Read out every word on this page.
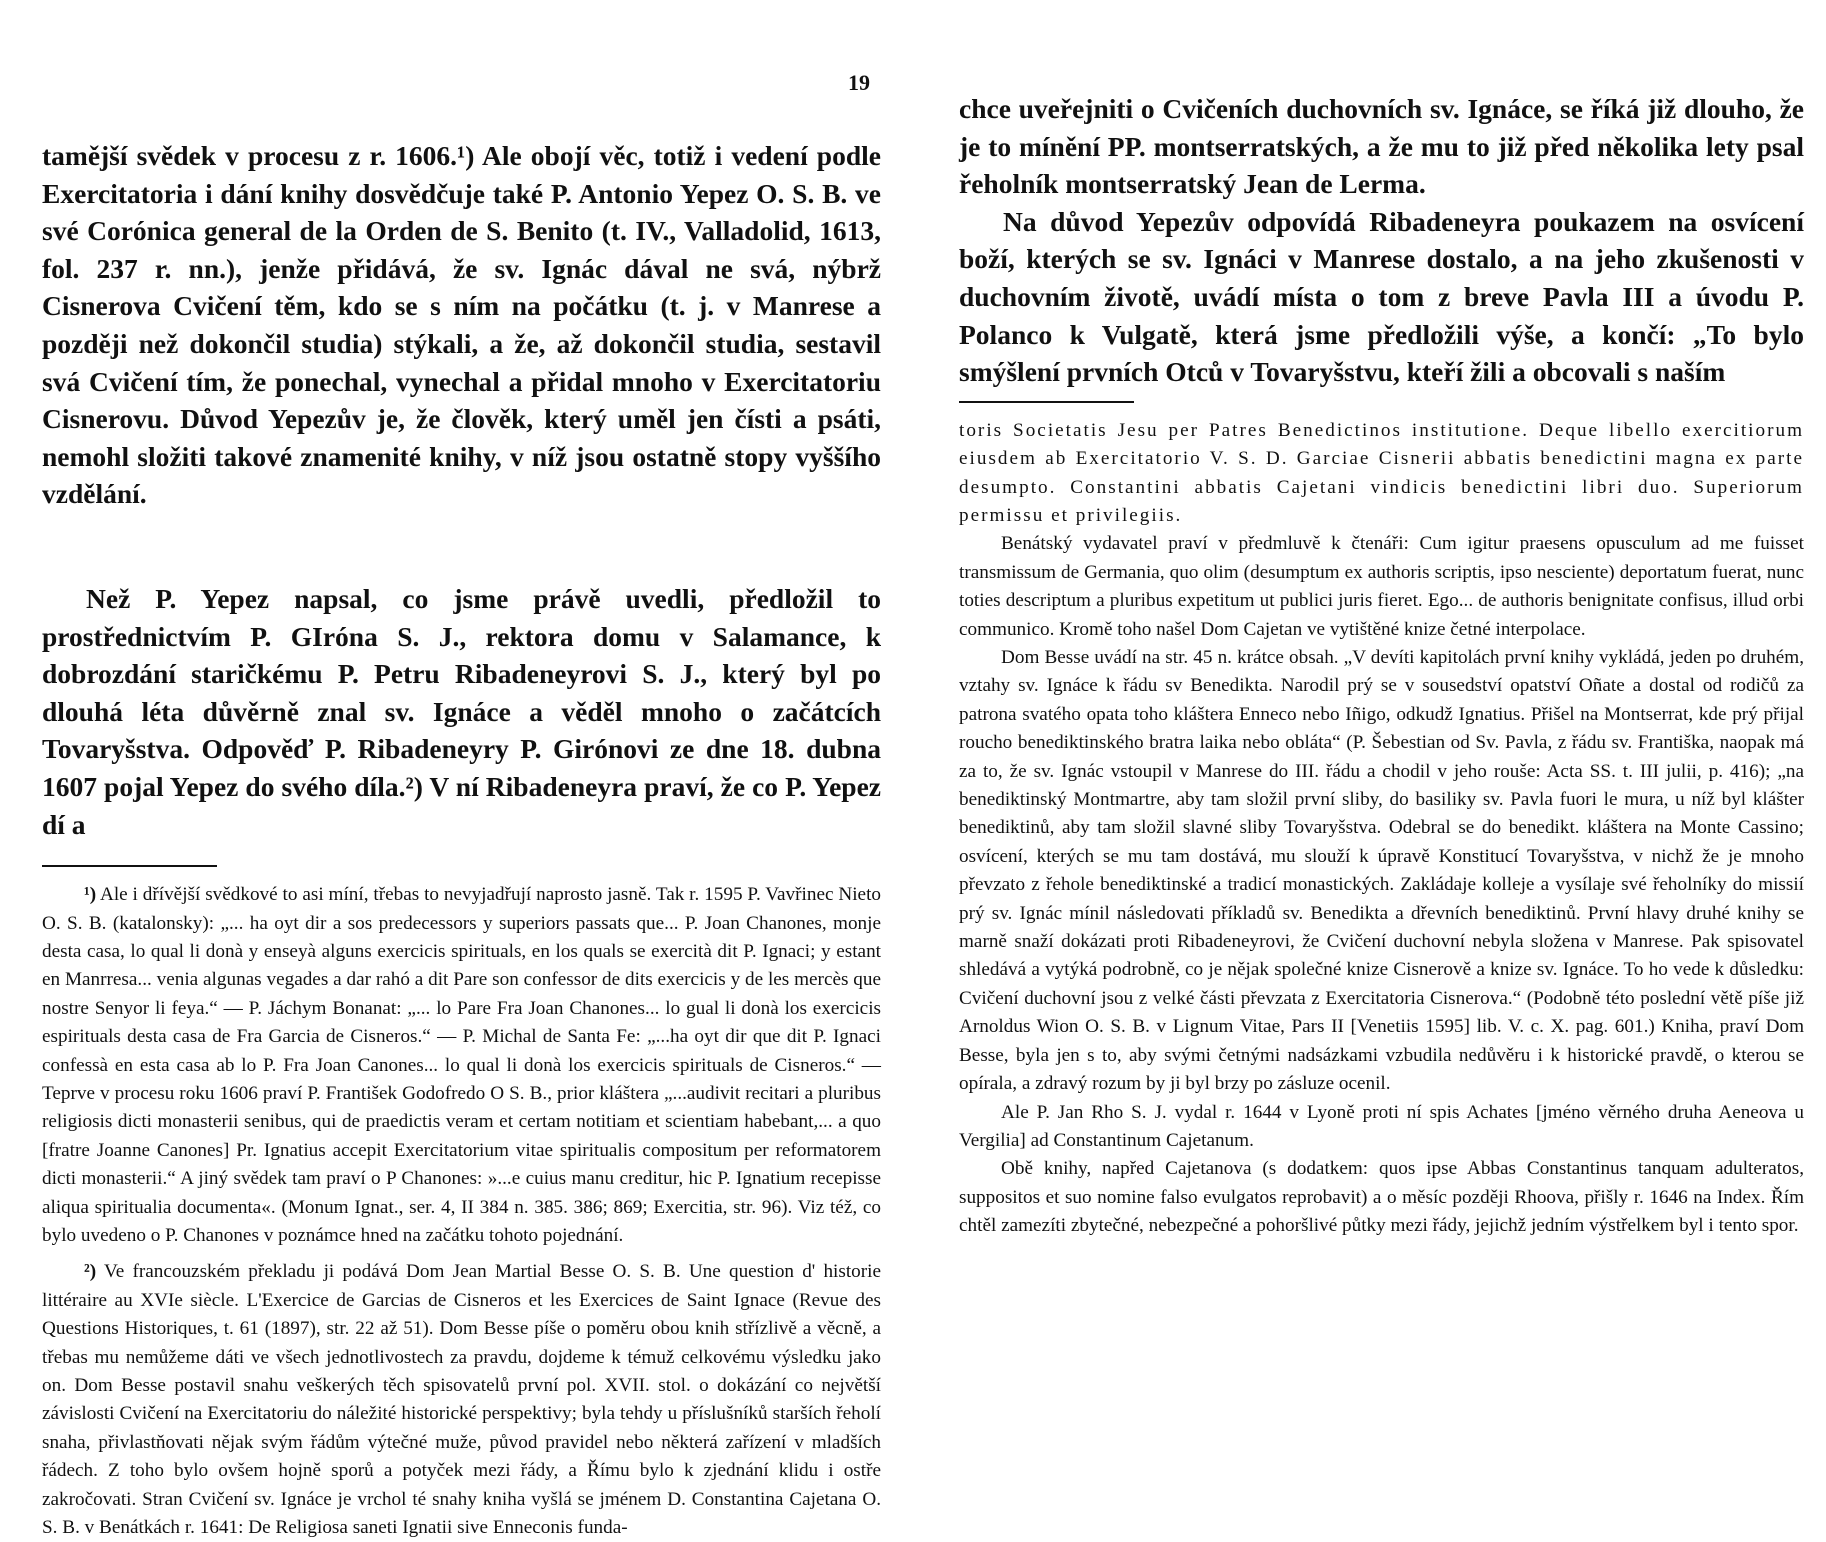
19

tamější svědek v procesu z r. 1606.¹) Ale obojí věc, totiž i vedení podle Exercitatoria i dání knihy dosvědčuje také P. Antonio Yepez O. S. B. ve své Corónica general de la Orden de S. Benito (t. IV., Valladolid, 1613, fol. 237 r. nn.), jenže přidává, že sv. Ignác dával ne svá, nýbrž Cisnerova Cvičení těm, kdo se s ním na počátku (t. j. v Manrese a později než dokončil studia) stýkali, a že, až dokončil studia, sestavil svá Cvičení tím, že ponechal, vynechal a přidal mnoho v Exercitatoriu Cisnerovu. Důvod Yepezův je, že člověk, který uměl jen čísti a psáti, nemohl složiti takové znamenité knihy, v níž jsou ostatně stopy vyššího vzdělání.

Než P. Yepez napsal, co jsme právě uvedli, předložil to prostřednictvím P. GIróna S. J., rektora domu v Salamance, k dobrozdání staričkému P. Petru Ribadeneyrovi S. J., který byl po dlouhá léta důvěrně znal sv. Ignáce a věděl mnoho o začátcích Tovaryšstva. Odpověď P. Ribadeneyry P. Girónovi ze dne 18. dubna 1607 pojal Yepez do svého díla.²) V ní Ribadeneyra praví, že co P. Yepez dí a

¹) Ale i dřívější svědkové to asi míní, třebas to nevyjadřují naprosto jasně. Tak r. 1595 P. Vavřinec Nieto O. S. B. (katalonsky): „... ha oyt dir a sos predecessors y superiors passats que... P. Joan Chanones, monje desta casa, lo qual li donà y enseyà alguns exercicis spirituals, en los quals se exercità dit P. Ignaci; y estant en Manrresa... venia algunas vegades a dar rahó a dit Pare son confessor de dits exercicis y de les mercès que nostre Senyor li feya.“ — P. Jáchym Bonanat: „... lo Pare Fra Joan Chanones... lo gual li donà los exercicis espirituals desta casa de Fra Garcia de Cisneros.“ — P. Michal de Santa Fe: „...ha oyt dir que dit P. Ignaci confessà en esta casa ab lo P. Fra Joan Canones... lo qual li donà los exercicis spirituals de Cisneros.“ — Teprve v procesu roku 1606 praví P. František Godofredo O S. B., prior kláštera „...audivit recitari a pluribus religiosis dicti monasterii senibus, qui de praedictis veram et certam notitiam et scientiam habebant,... a quo [fratre Joanne Canones] Pr. Ignatius accepit Exercitatorium vitae spiritualis compositum per reformatorem dicti monasterii.“ A jiný svědek tam praví o P Chanones: »...e cuius manu creditur, hic P. Ignatium recepisse aliqua spiritualia documenta«. (Monum Ignat., ser. 4, II 384 n. 385. 386; 869; Exercitia, str. 96). Viz též, co bylo uvedeno o P. Chanones v poznámce hned na začátku tohoto pojednání.

²) Ve francouzském překladu ji podává Dom Jean Martial Besse O. S. B. Une question d' historie littéraire au XVIe siècle. L'Exercice de Garcias de Cisneros et les Exercices de Saint Ignace (Revue des Questions Historiques, t. 61 (1897), str. 22 až 51). Dom Besse píše o poměru obou knih střízlivě a věcně, a třebas mu nemůžeme dáti ve všech jednotlivostech za pravdu, dojdeme k témuž celkovému výsledku jako on. Dom Besse postavil snahu veškerých těch spisovatelů první pol. XVII. stol. o dokázání co největší závislosti Cvičení na Exercitatoriu do náležité historické perspektivy; byla tehdy u příslušníků starších řeholí snaha, přivlastňovati nějak svým řádům výtečné muže, původ pravidel nebo některá zařízení v mladších řádech. Z toho bylo ovšem hojně sporů a potyček mezi řády, a Římu bylo k zjednání klidu i ostře zakročovati. Stran Cvičení sv. Ignáce je vrchol té snahy kniha vyšlá se jménem D. Constantina Cajetana O. S. B. v Benátkách r. 1641: De Religiosa saneti Ignatii sive Enneconis funda-

chce uveřejniti o Cvičeních duchovních sv. Ignáce, se říká již dlouho, že je to mínění PP. montserratských, a že mu to již před několika lety psal řeholník montserratský Jean de Lerma.

Na důvod Yepezův odpovídá Ribadeneyra poukazem na osvícení boží, kterých se sv. Ignáci v Manrese dostalo, a na jeho zkušenosti v duchovním životě, uvádí místa o tom z breve Pavla III a úvodu P. Polanco k Vulgatě, která jsme předložili výše, a končí: „To bylo smýšlení prvních Otců v Tovaryšstvu, kteří žili a obcovali s naším

toris Societatis Jesu per Patres Benedictinos institutione. Deque libello exercitiorum eiusdem ab Exercitatorio V. S. D. Garciae Cisnerii abbatis benedictini magna ex parte desumpto. Constantini abbatis Cajetani vindicis benedictini libri duo. Superiorum permissu et privilegiis.

Benátský vydavatel praví v předmluvě k čtenáři: Cum igitur praesens opusculum ad me fuisset transmissum de Germania, quo olim (desumptum ex authoris scriptis, ipso nesciente) deportatum fuerat, nunc toties descriptum a pluribus expetitum ut publici juris fieret. Ego... de authoris benignitate confisus, illud orbi communico. Kromě toho našel Dom Cajetan ve vytištěné knize četné interpolace.

Dom Besse uvádí na str. 45 n. krátce obsah. „V devíti kapitolách první knihy vykládá, jeden po druhém, vztahy sv. Ignáce k řádu sv Benedikta. Narodil prý se v sousedství opatství Oñate a dostal od rodičů za patrona svatého opata toho kláštera Enneco nebo Iñigo, odkudž Ignatius. Přišel na Montserrat, kde prý přijal roucho benediktinského bratra laika nebo oblátа“ (P. Šebestian od Sv. Pavla, z řádu sv. Františka, naopak má za to, že sv. Ignác vstoupil v Manrese do III. řádu a chodil v jeho rouše: Acta SS. t. III julii, p. 416); „na benediktinský Montmartre, aby tam složil první sliby, do basiliky sv. Pavla fuori le mura, u níž byl klášter benediktinů, aby tam složil slavné sliby Tovaryšstva. Odebral se do benedikt. kláštera na Monte Cassino; osvícení, kterých se mu tam dostává, mu slouží k úpravě Konstitucí Tovaryšstva, v nichž že je mnoho převzato z řehole benediktinské a tradicí monastických. Zakládaje kolleje a vysílaje své řeholníky do missií prý sv. Ignác mínil následovati příkladů sv. Benedikta a dřevních benediktinů. První hlavy druhé knihy se marně snaží dokázati proti Ribadeneyrovi, že Cvičení duchovní nebyla složena v Manrese. Pak spisovatel shledává a vytýká podrobně, co je nějak společné knize Cisnerově a knize sv. Ignáce. To ho vede k důsledku: Cvičení duchovní jsou z velké části převzata z Exercitatoria Cisnerova.“ (Podobně této poslední větě píše již Arnoldus Wion O. S. B. v Lignum Vitae, Pars II [Venetiis 1595] lib. V. c. X. pag. 601.) Kniha, praví Dom Besse, byla jen s to, aby svými četnými nadsázkami vzbudila nedůvěru i k historické pravdě, o kterou se opírala, a zdravý rozum by ji byl brzy po zásluze ocenil.

Ale P. Jan Rho S. J. vydal r. 1644 v Lyoně proti ní spis Achates [jméno věrného druha Aeneova u Vergilia] ad Constantinum Cajetanum.

Obě knihy, napřed Cajetanova (s dodatkem: quos ipse Abbas Constantinus tanquam adulteratos, suppositos et suo nomine falso evulgatos reprobavit) a o měsíc později Rhoova, přišly r. 1646 na Index. Řím chtěl zamezíti zbytečné, nebezpečné a pohoršlivé půtky mezi řády, jejichž jedním výstřelkem byl i tento spor.
